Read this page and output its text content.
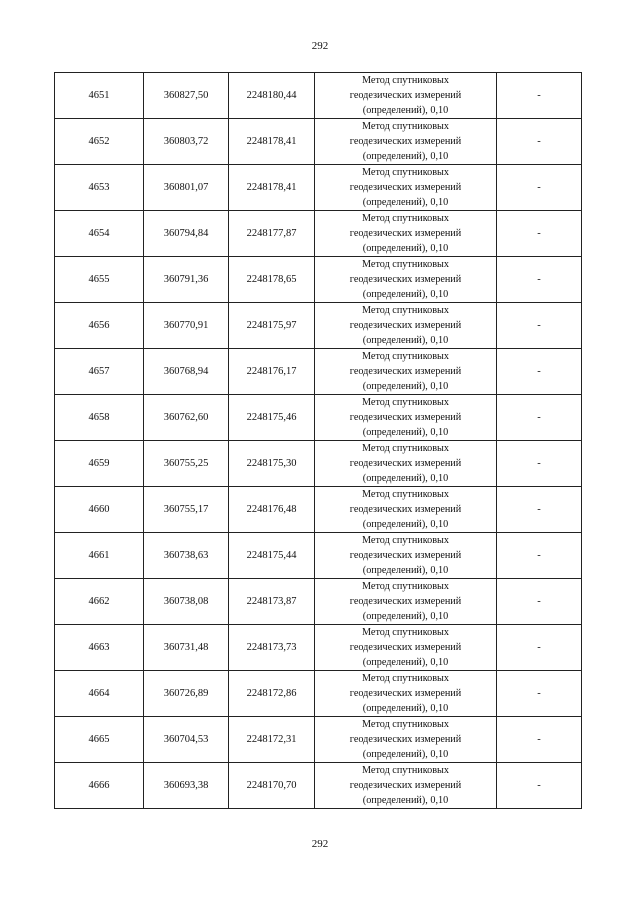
292
4651	360827,50	2248180,44	Метод спутниковых
геодезических измерений
(определений), 0,10	-
4652	360803,72	2248178,41	Метод спутниковых
геодезических измерений
(определений), 0,10	-
4653	360801,07	2248178,41	Метод спутниковых
геодезических измерений
(определений), 0,10	-
4654	360794,84	2248177,87	Метод спутниковых
геодезических измерений
(определений), 0,10	-
4655	360791,36	2248178,65	Метод спутниковых
геодезических измерений
(определений), 0,10	-
4656	360770,91	2248175,97	Метод спутниковых
геодезических измерений
(определений), 0,10	-
4657	360768,94	2248176,17	Метод спутниковых
геодезических измерений
(определений), 0,10	-
4658	360762,60	2248175,46	Метод спутниковых
геодезических измерений
(определений), 0,10	-
4659	360755,25	2248175,30	Метод спутниковых
геодезических измерений
(определений), 0,10	-
4660	360755,17	2248176,48	Метод спутниковых
геодезических измерений
(определений), 0,10	-
4661	360738,63	2248175,44	Метод спутниковых
геодезических измерений
(определений), 0,10	-
4662	360738,08	2248173,87	Метод спутниковых
геодезических измерений
(определений), 0,10	-
4663	360731,48	2248173,73	Метод спутниковых
геодезических измерений
(определений), 0,10	-
4664	360726,89	2248172,86	Метод спутниковых
геодезических измерений
(определений), 0,10	-
4665	360704,53	2248172,31	Метод спутниковых
геодезических измерений
(определений), 0,10	-
4666	360693,38	2248170,70	Метод спутниковых
геодезических измерений
(определений), 0,10	-
292
